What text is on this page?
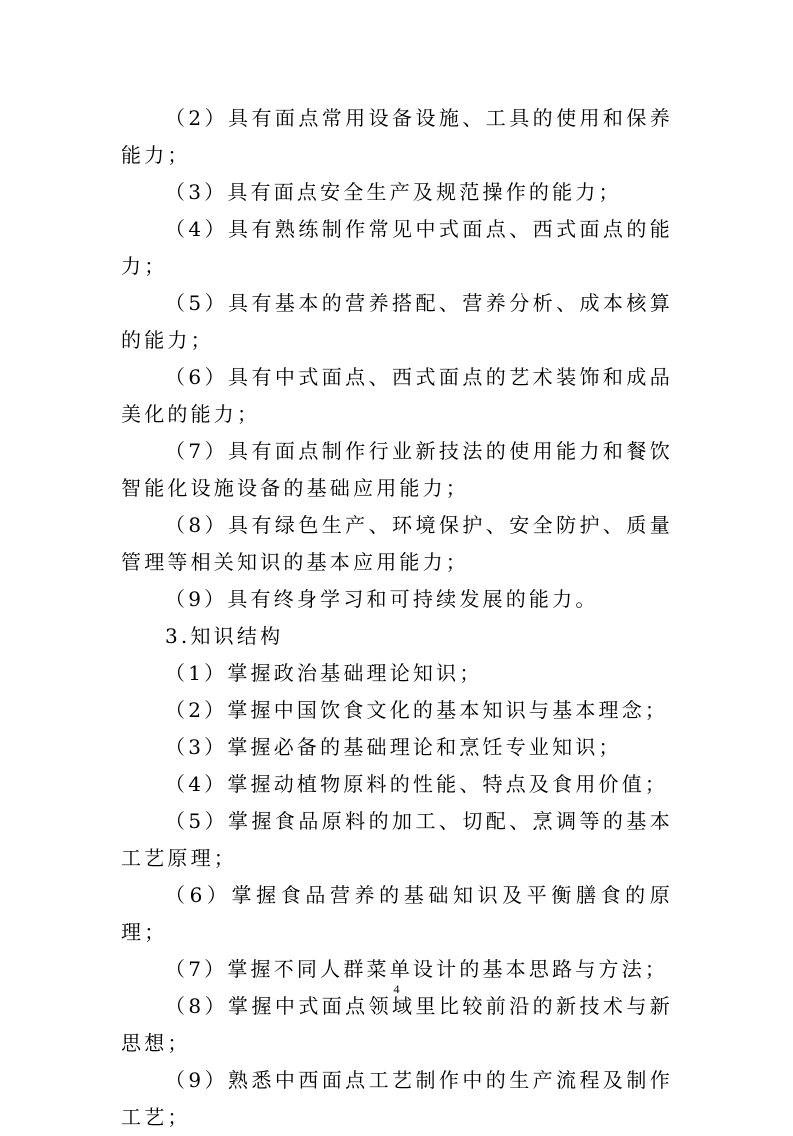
（2）具有面点常用设备设施、工具的使用和保养能力；

（3）具有面点安全生产及规范操作的能力；

（4）具有熟练制作常见中式面点、西式面点的能力；

（5）具有基本的营养搭配、营养分析、成本核算的能力；

（6）具有中式面点、西式面点的艺术装饰和成品美化的能力；

（7）具有面点制作行业新技法的使用能力和餐饮智能化设施设备的基础应用能力；

（8）具有绿色生产、环境保护、安全防护、质量管理等相关知识的基本应用能力；

（9）具有终身学习和可持续发展的能力。

3.知识结构

（1）掌握政治基础理论知识；

（2）掌握中国饮食文化的基本知识与基本理念；

（3）掌握必备的基础理论和烹饪专业知识；

（4）掌握动植物原料的性能、特点及食用价值；

（5）掌握食品原料的加工、切配、烹调等的基本工艺原理；

（6）掌握食品营养的基础知识及平衡膳食的原理；

（7）掌握不同人群菜单设计的基本思路与方法；

（8）掌握中式面点领域里比较前沿的新技术与新思想；

（9）熟悉中西面点工艺制作中的生产流程及制作工艺；

4
